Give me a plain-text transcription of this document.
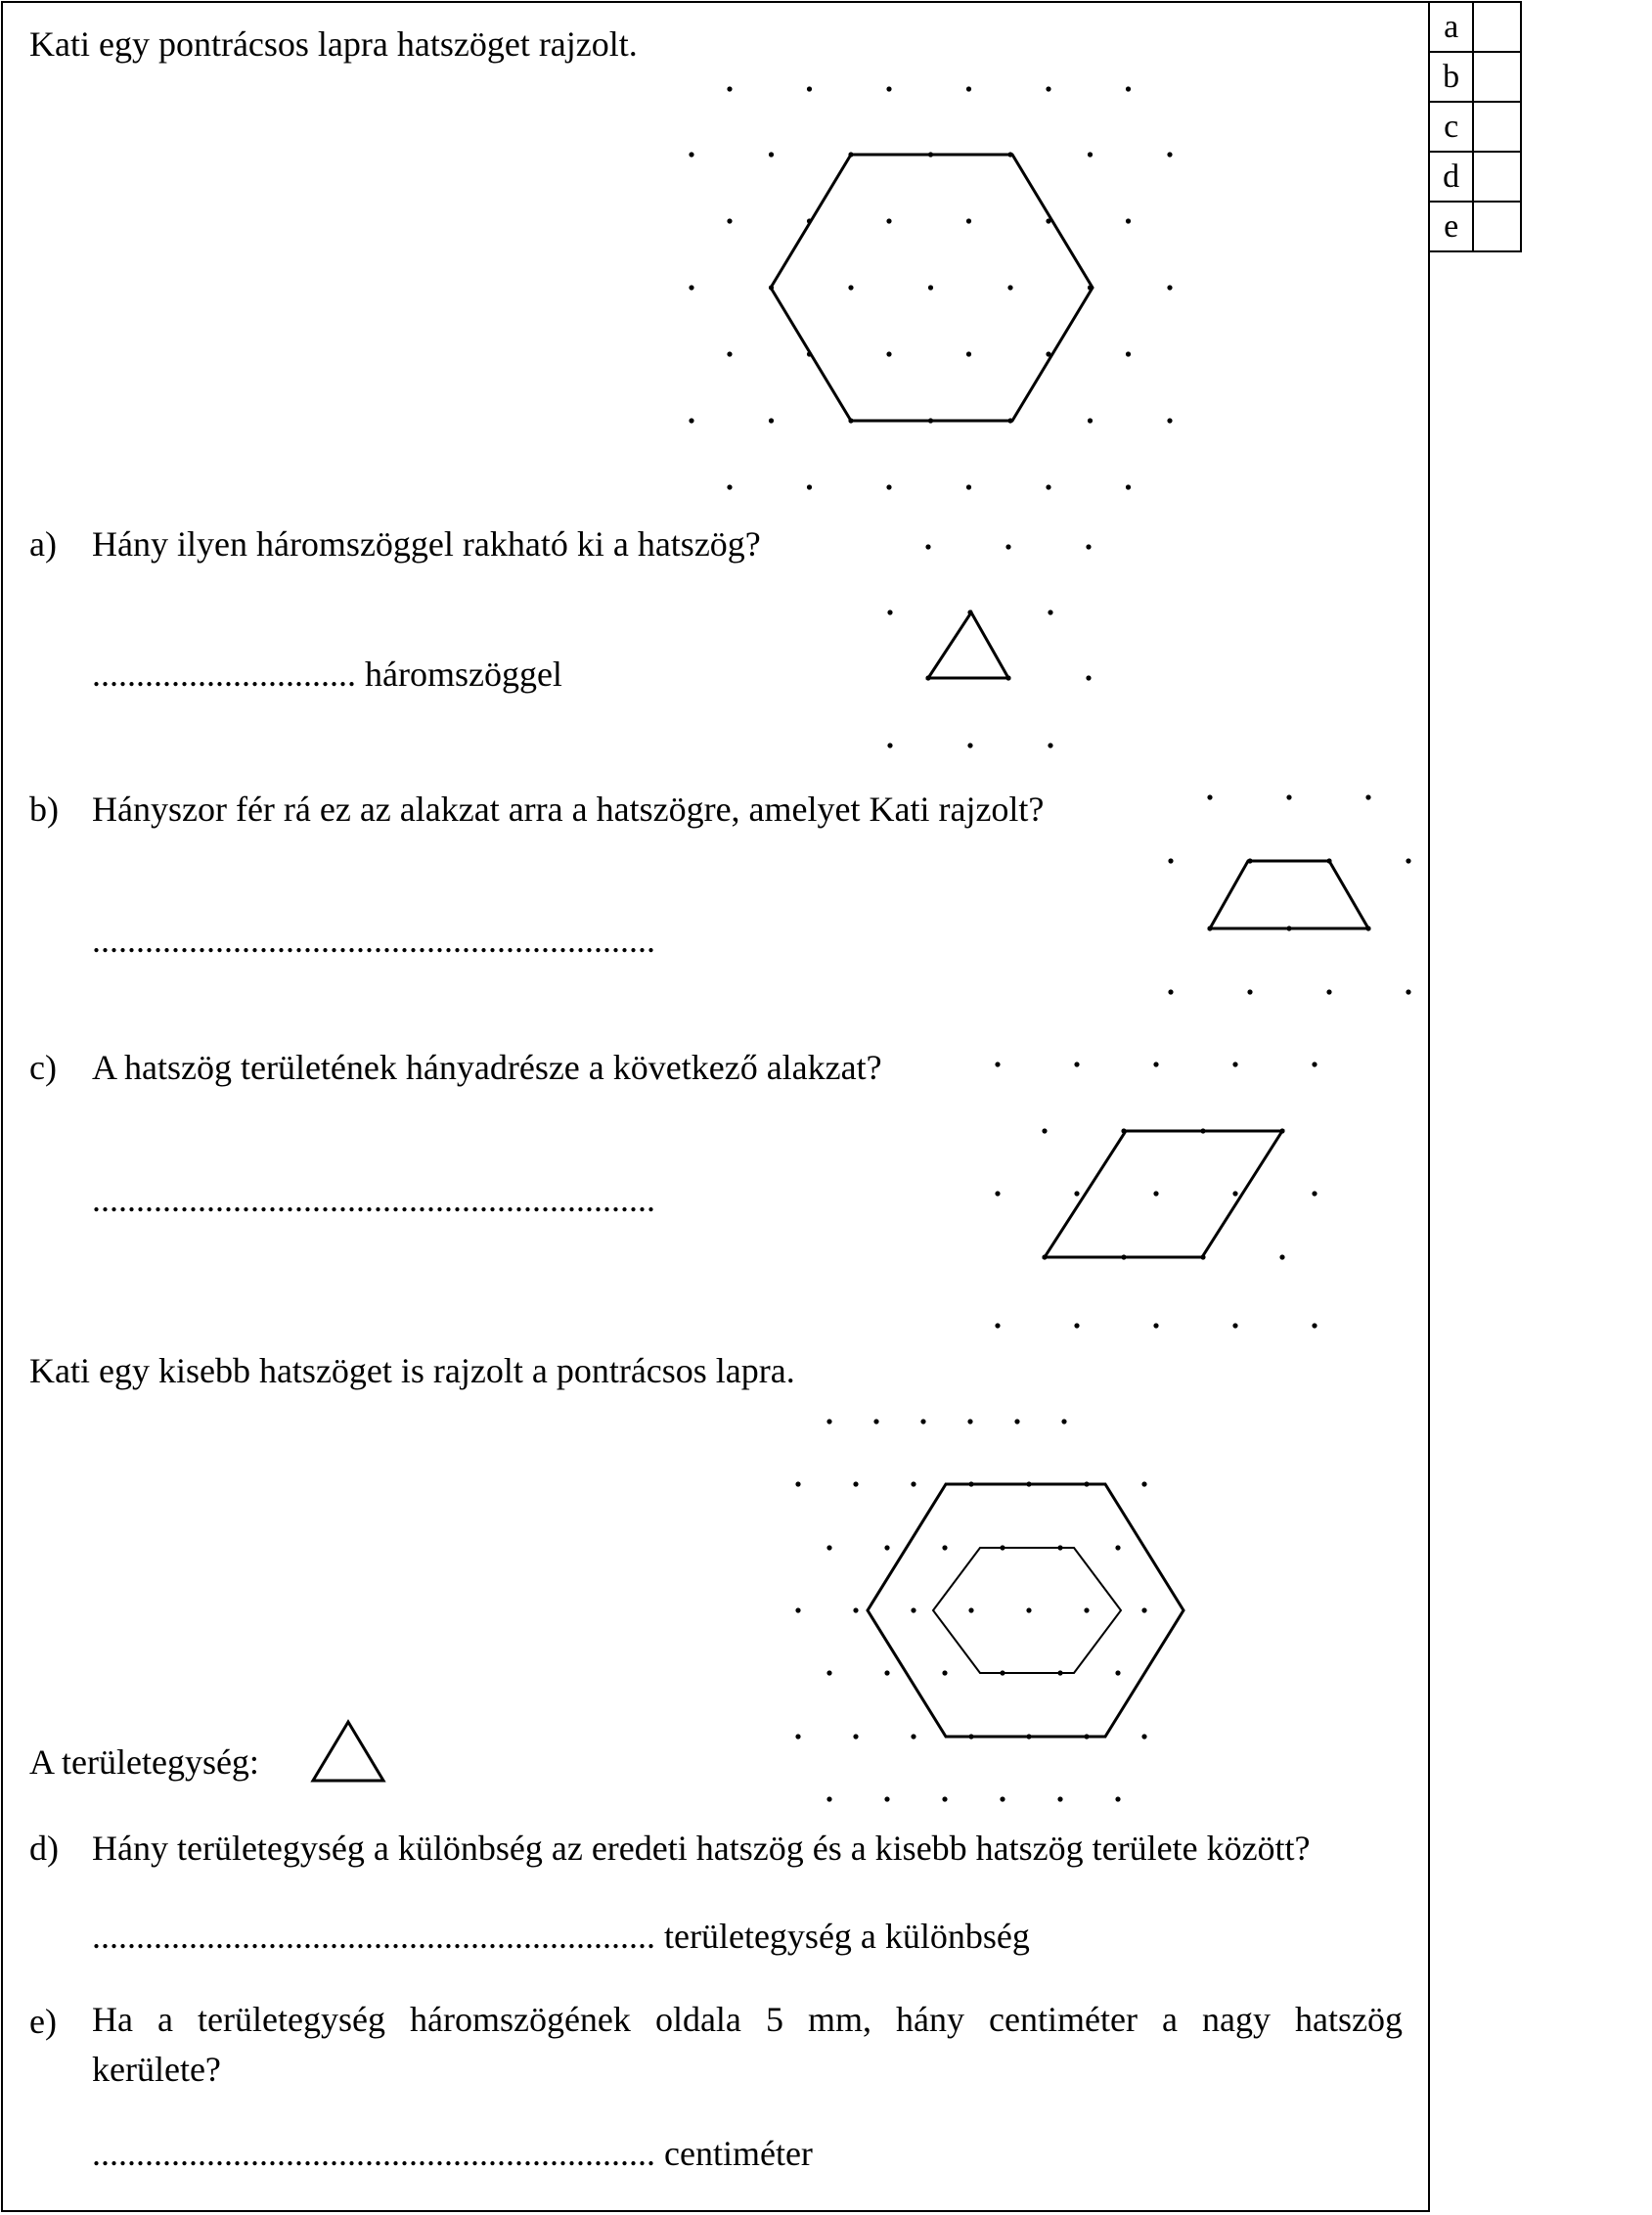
a	
b	
c	
d	
e	

Kati egy pontrácsos lapra hatszöget rajzolt.

a) Hány ilyen háromszöggel rakható ki a hatszög?

.............................. háromszöggel

b) Hányszor fér rá ez az alakzat arra a hatszögre, amelyet Kati rajzolt?

................................................................

c) A hatszög területének hányadrésze a következő alakzat?

................................................................

Kati egy kisebb hatszöget is rajzolt a pontrácsos lapra.

A területegység:

d) Hány területegység a különbség az eredeti hatszög és a kisebb hatszög területe között?

................................................................ területegység a különbség

e) Ha a területegység háromszögének oldala 5 mm, hány centiméter a nagy hatszög

kerülete?

................................................................ centiméter
